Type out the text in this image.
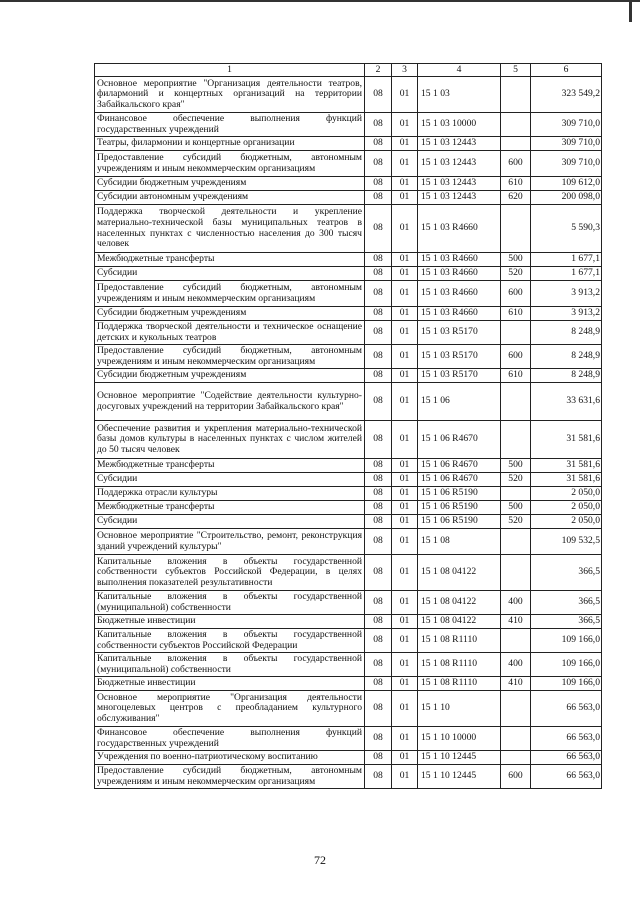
1	2	3	4	5	6
Основное мероприятие "Организация деятельности театров, филармоний и концертных организаций на территории Забайкальского края"	08	01	15 1 03		323 549,2
Финансовое обеспечение выполнения функций государственных учреждений	08	01	15 1 03 10000		309 710,0
Театры, филармонии и концертные организации	08	01	15 1 03 12443		309 710,0
Предоставление субсидий бюджетным, автономным учреждениям и иным некоммерческим организациям	08	01	15 1 03 12443	600	309 710,0
Субсидии бюджетным учреждениям	08	01	15 1 03 12443	610	109 612,0
Субсидии автономным учреждениям	08	01	15 1 03 12443	620	200 098,0
Поддержка творческой деятельности и укрепление материально-технической базы муниципальных театров в населенных пунктах с численностью населения до 300 тысяч человек	08	01	15 1 03 R4660		5 590,3
Межбюджетные трансферты	08	01	15 1 03 R4660	500	1 677,1
Субсидии	08	01	15 1 03 R4660	520	1 677,1
Предоставление субсидий бюджетным, автономным учреждениям и иным некоммерческим организациям	08	01	15 1 03 R4660	600	3 913,2
Субсидии бюджетным учреждениям	08	01	15 1 03 R4660	610	3 913,2
Поддержка творческой деятельности и техническое оснащение детских и кукольных театров	08	01	15 1 03 R5170		8 248,9
Предоставление субсидий бюджетным, автономным учреждениям и иным некоммерческим организациям	08	01	15 1 03 R5170	600	8 248,9
Субсидии бюджетным учреждениям	08	01	15 1 03 R5170	610	8 248,9
Основное мероприятие "Содействие деятельности культурно-досуговых учреждений на территории Забайкальского края"	08	01	15 1 06		33 631,6
Обеспечение развития и укрепления материально-технической базы домов культуры в населенных пунктах с числом жителей до 50 тысяч человек	08	01	15 1 06 R4670		31 581,6
Межбюджетные трансферты	08	01	15 1 06 R4670	500	31 581,6
Субсидии	08	01	15 1 06 R4670	520	31 581,6
Поддержка отрасли культуры	08	01	15 1 06 R5190		2 050,0
Межбюджетные трансферты	08	01	15 1 06 R5190	500	2 050,0
Субсидии	08	01	15 1 06 R5190	520	2 050,0
Основное мероприятие "Строительство, ремонт, реконструкция зданий учреждений культуры"	08	01	15 1 08		109 532,5
Капитальные вложения в объекты государственной собственности субъектов Российской Федерации, в целях выполнения показателей результативности	08	01	15 1 08 04122		366,5
Капитальные вложения в объекты государственной (муниципальной) собственности	08	01	15 1 08 04122	400	366,5
Бюджетные инвестиции	08	01	15 1 08 04122	410	366,5
Капитальные вложения в объекты государственной собственности субъектов Российской Федерации	08	01	15 1 08 R1110		109 166,0
Капитальные вложения в объекты государственной (муниципальной) собственности	08	01	15 1 08 R1110	400	109 166,0
Бюджетные инвестиции	08	01	15 1 08 R1110	410	109 166,0
Основное мероприятие "Организация деятельности многоцелевых центров с преобладанием культурного обслуживания"	08	01	15 1 10		66 563,0
Финансовое обеспечение выполнения функций государственных учреждений	08	01	15 1 10 10000		66 563,0
Учреждения по военно-патриотическому воспитанию	08	01	15 1 10 12445		66 563,0
Предоставление субсидий бюджетным, автономным учреждениям и иным некоммерческим организациям	08	01	15 1 10 12445	600	66 563,0
72
